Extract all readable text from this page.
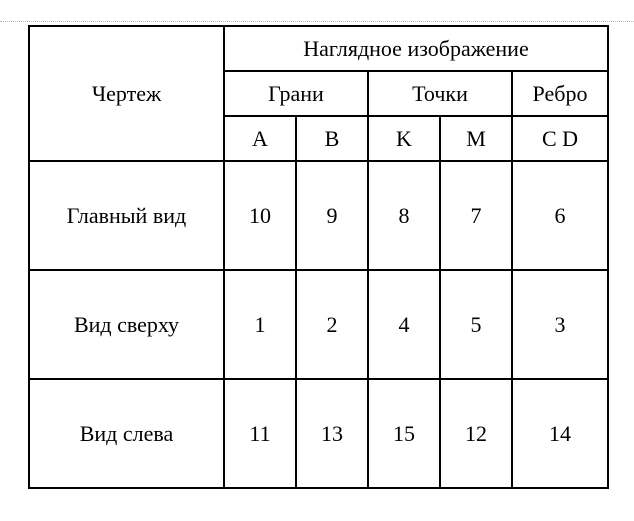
Чертеж	Наглядное изображение				
	Грани		Точки		Ребро
	A	B	K	M	C D
Главный вид	10	9	8	7	6
Вид сверху	1	2	4	5	3
Вид слева	11	13	15	12	14
